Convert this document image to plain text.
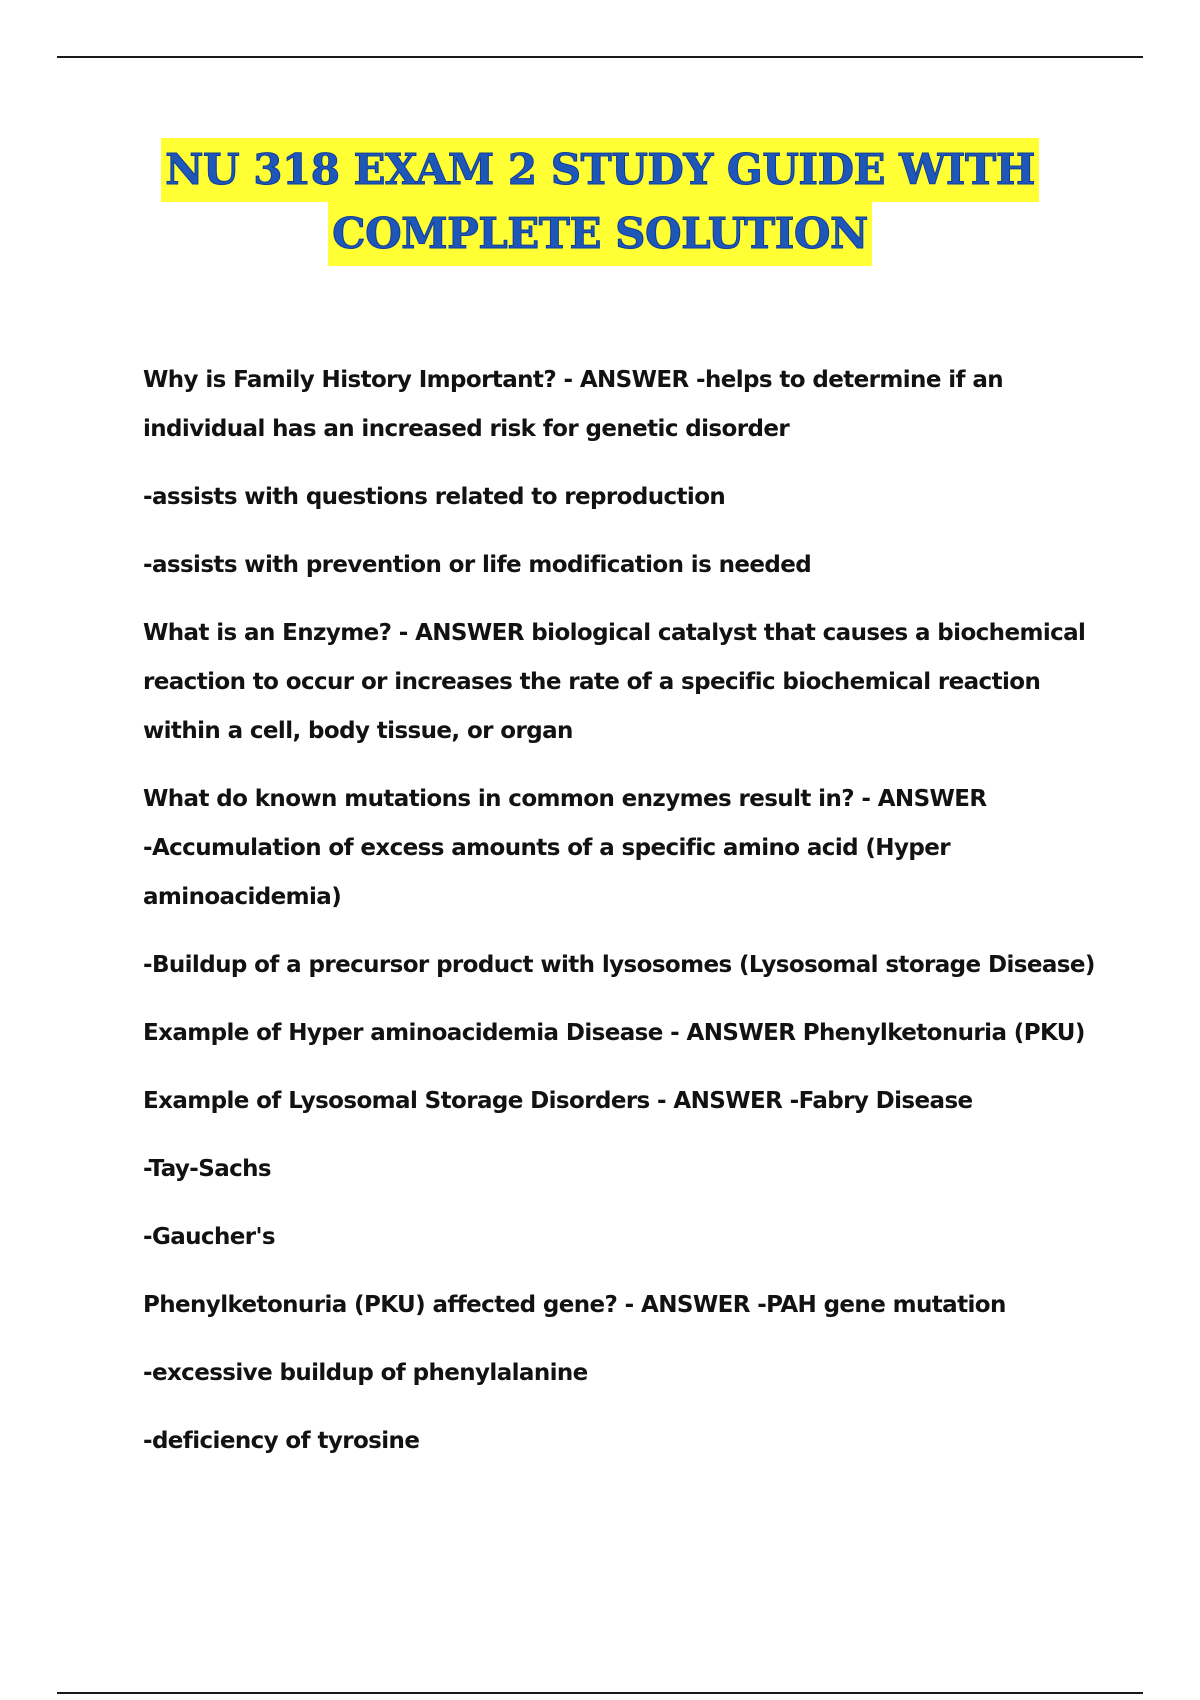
NU 318 EXAM 2 STUDY GUIDE WITH
COMPLETE SOLUTION

Why is Family History Important? - ANSWER -helps to determine if an
individual has an increased risk for genetic disorder

-assists with questions related to reproduction

-assists with prevention or life modification is needed

What is an Enzyme? - ANSWER biological catalyst that causes a biochemical
reaction to occur or increases the rate of a specific biochemical reaction
within a cell, body tissue, or organ

What do known mutations in common enzymes result in? - ANSWER
-Accumulation of excess amounts of a specific amino acid (Hyper
aminoacidemia)

-Buildup of a precursor product with lysosomes (Lysosomal storage Disease)

Example of Hyper aminoacidemia Disease - ANSWER Phenylketonuria (PKU)

Example of Lysosomal Storage Disorders - ANSWER -Fabry Disease

-Tay-Sachs

-Gaucher's

Phenylketonuria (PKU) affected gene? - ANSWER -PAH gene mutation

-excessive buildup of phenylalanine

-deficiency of tyrosine
